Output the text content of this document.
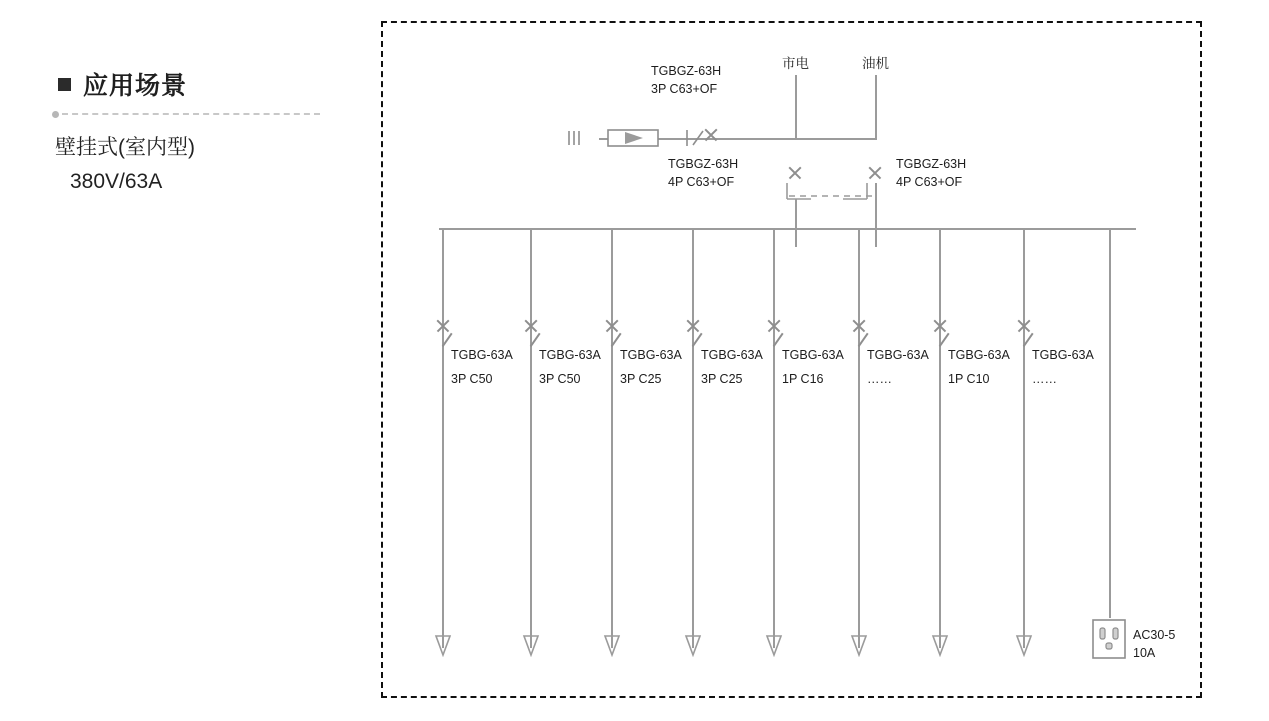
应用场景
壁挂式(室内型)
380V/63A
市电	油机
TGBGZ-63H
3P C63+OF
TGBGZ-63H
4P C63+OF
TGBGZ-63H
4P C63+OF
TGBG-63A
3P C50
TGBG-63A
3P C50
TGBG-63A
3P C25
TGBG-63A
3P C25
TGBG-63A
1P C16
TGBG-63A
……
TGBG-63A
1P C10
TGBG-63A
……
AC30-5
10A
